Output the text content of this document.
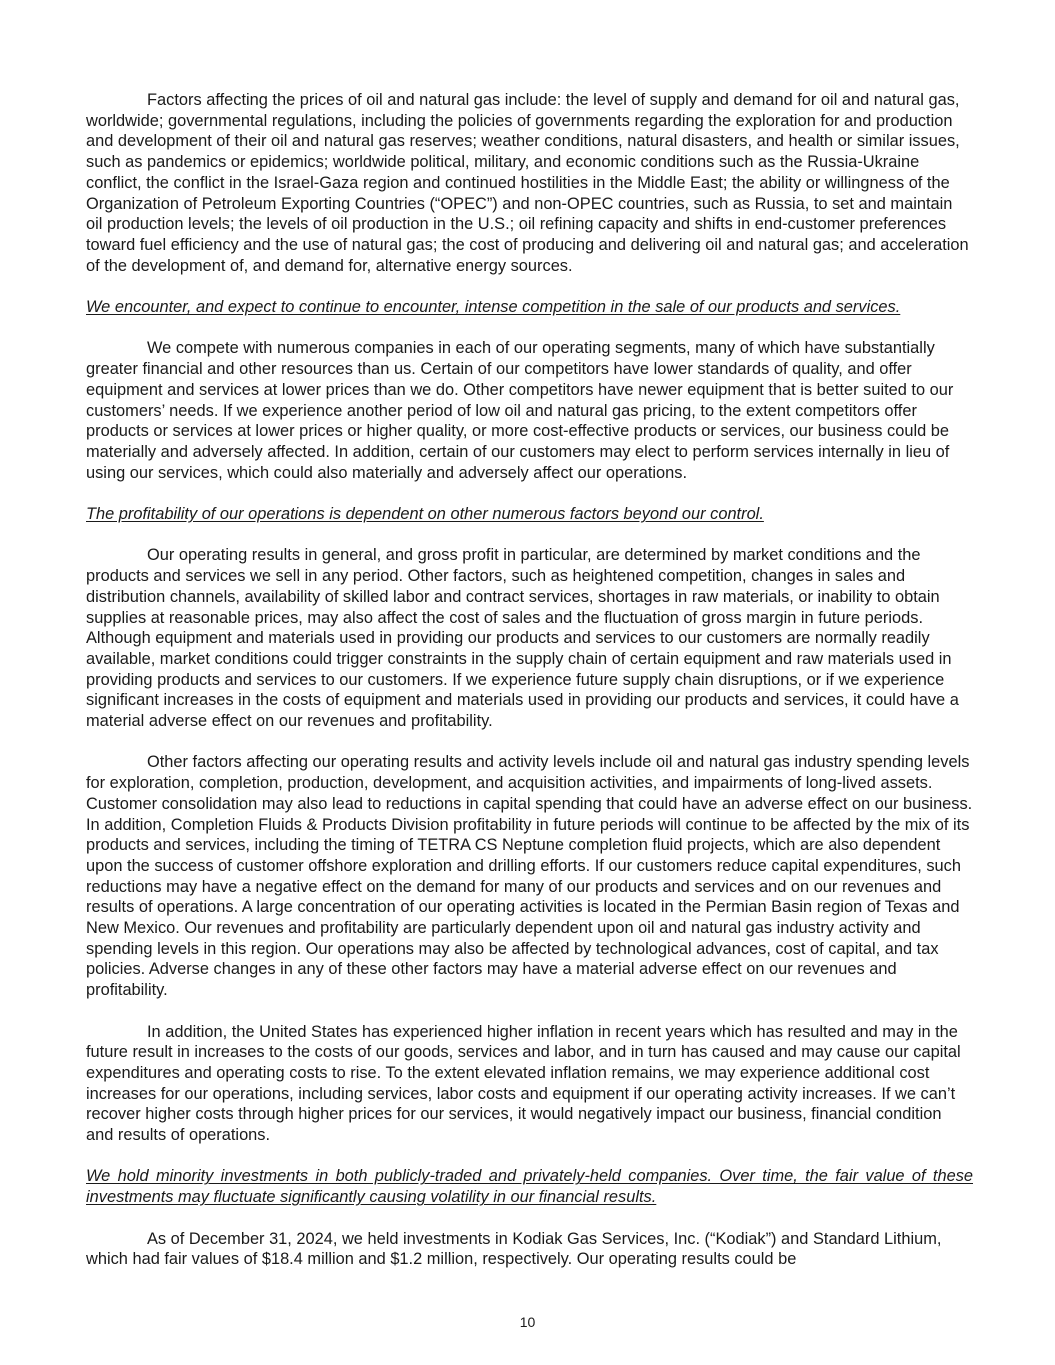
Factors affecting the prices of oil and natural gas include: the level of supply and demand for oil and natural gas, worldwide; governmental regulations, including the policies of governments regarding the exploration for and production and development of their oil and natural gas reserves; weather conditions, natural disasters, and health or similar issues, such as pandemics or epidemics; worldwide political, military, and economic conditions such as the Russia-Ukraine conflict, the conflict in the Israel-Gaza region and continued hostilities in the Middle East; the ability or willingness of the Organization of Petroleum Exporting Countries (“OPEC”) and non-OPEC countries, such as Russia, to set and maintain oil production levels; the levels of oil production in the U.S.; oil refining capacity and shifts in end-customer preferences toward fuel efficiency and the use of natural gas; the cost of producing and delivering oil and natural gas; and acceleration of the development of, and demand for, alternative energy sources.

We encounter, and expect to continue to encounter, intense competition in the sale of our products and services.

We compete with numerous companies in each of our operating segments, many of which have substantially greater financial and other resources than us. Certain of our competitors have lower standards of quality, and offer equipment and services at lower prices than we do. Other competitors have newer equipment that is better suited to our customers’ needs. If we experience another period of low oil and natural gas pricing, to the extent competitors offer products or services at lower prices or higher quality, or more cost-effective products or services, our business could be materially and adversely affected. In addition, certain of our customers may elect to perform services internally in lieu of using our services, which could also materially and adversely affect our operations.

The profitability of our operations is dependent on other numerous factors beyond our control.

Our operating results in general, and gross profit in particular, are determined by market conditions and the products and services we sell in any period. Other factors, such as heightened competition, changes in sales and distribution channels, availability of skilled labor and contract services, shortages in raw materials, or inability to obtain supplies at reasonable prices, may also affect the cost of sales and the fluctuation of gross margin in future periods. Although equipment and materials used in providing our products and services to our customers are normally readily available, market conditions could trigger constraints in the supply chain of certain equipment and raw materials used in providing products and services to our customers. If we experience future supply chain disruptions, or if we experience significant increases in the costs of equipment and materials used in providing our products and services, it could have a material adverse effect on our revenues and profitability.

Other factors affecting our operating results and activity levels include oil and natural gas industry spending levels for exploration, completion, production, development, and acquisition activities, and impairments of long-lived assets. Customer consolidation may also lead to reductions in capital spending that could have an adverse effect on our business. In addition, Completion Fluids & Products Division profitability in future periods will continue to be affected by the mix of its products and services, including the timing of TETRA CS Neptune completion fluid projects, which are also dependent upon the success of customer offshore exploration and drilling efforts. If our customers reduce capital expenditures, such reductions may have a negative effect on the demand for many of our products and services and on our revenues and results of operations. A large concentration of our operating activities is located in the Permian Basin region of Texas and New Mexico. Our revenues and profitability are particularly dependent upon oil and natural gas industry activity and spending levels in this region. Our operations may also be affected by technological advances, cost of capital, and tax policies. Adverse changes in any of these other factors may have a material adverse effect on our revenues and profitability.

In addition, the United States has experienced higher inflation in recent years which has resulted and may in the future result in increases to the costs of our goods, services and labor, and in turn has caused and may cause our capital expenditures and operating costs to rise. To the extent elevated inflation remains, we may experience additional cost increases for our operations, including services, labor costs and equipment if our operating activity increases. If we can’t recover higher costs through higher prices for our services, it would negatively impact our business, financial condition and results of operations.

We hold minority investments in both publicly-traded and privately-held companies. Over time, the fair value of these investments may fluctuate significantly causing volatility in our financial results.

As of December 31, 2024, we held investments in Kodiak Gas Services, Inc. (“Kodiak”) and Standard Lithium, which had fair values of $18.4 million and $1.2 million, respectively. Our operating results could be

10
